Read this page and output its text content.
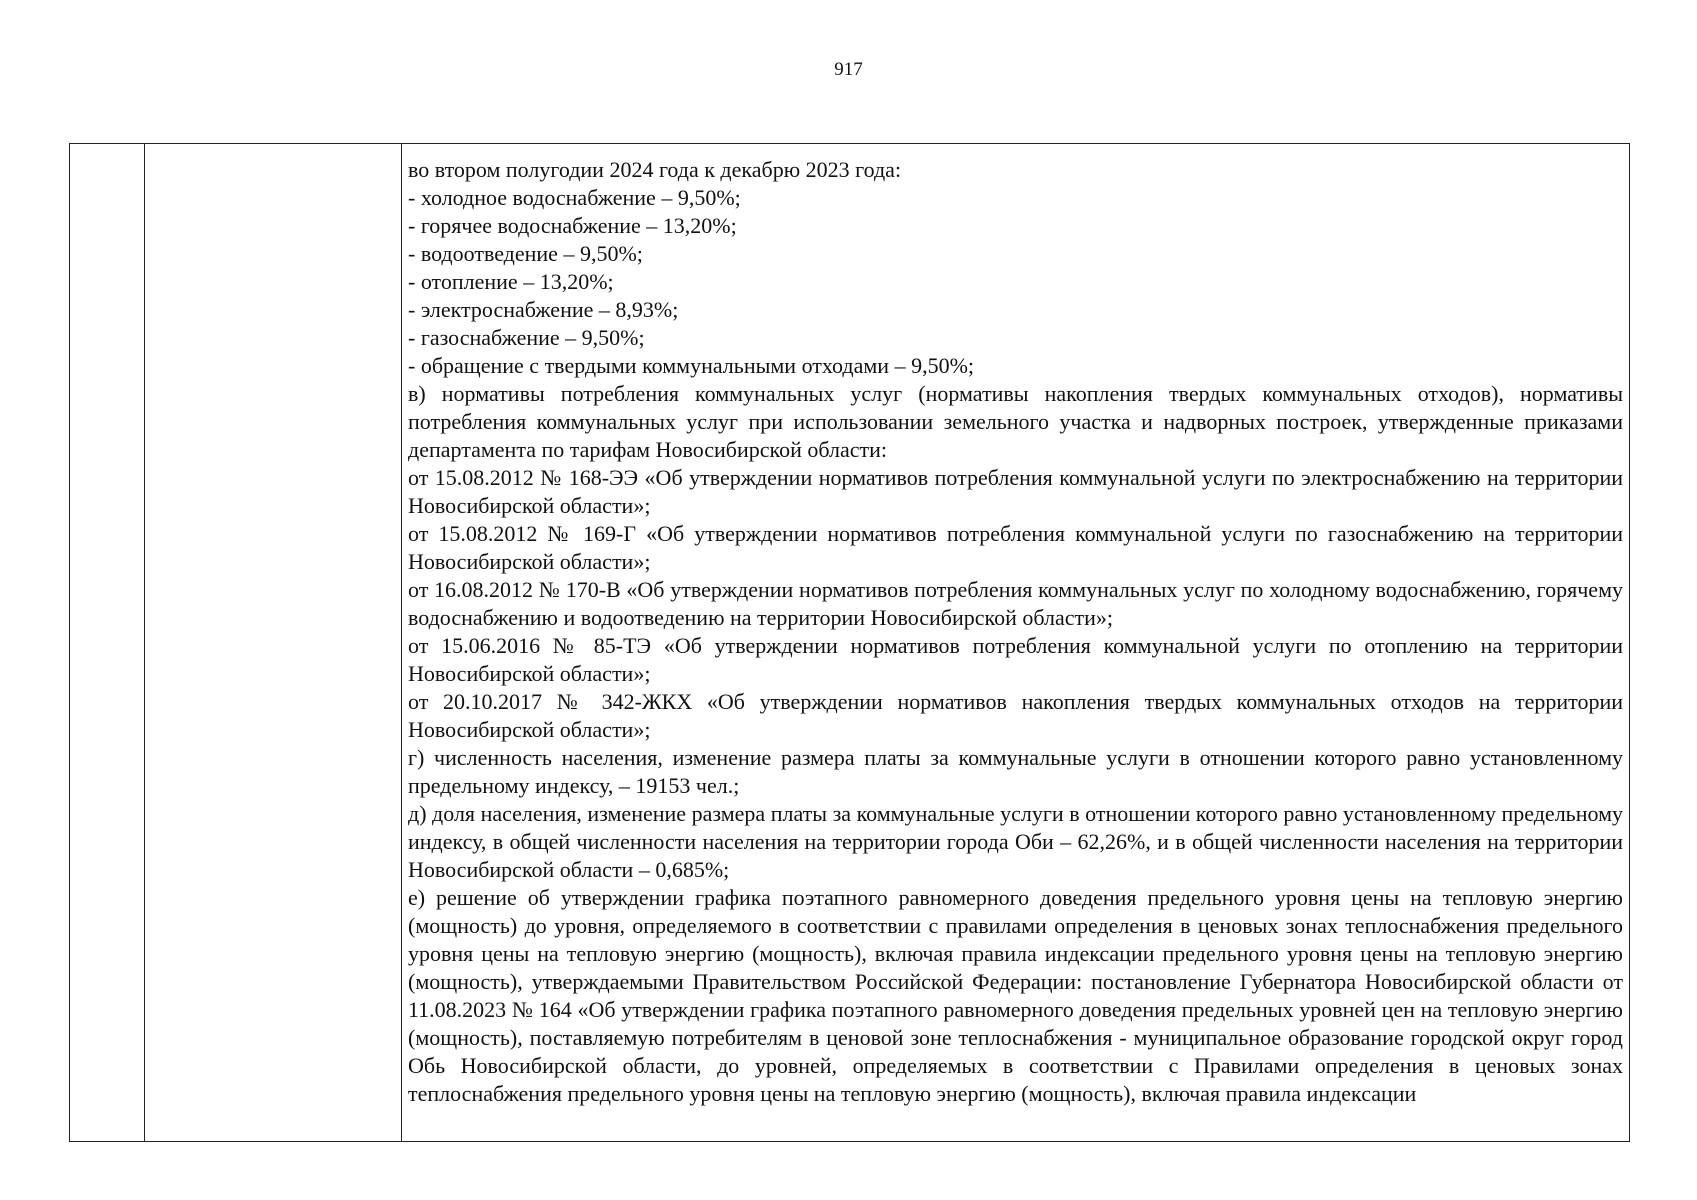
917

во втором полугодии 2024 года к декабрю 2023 года:

- холодное водоснабжение – 9,50%;

- горячее водоснабжение – 13,20%;

- водоотведение – 9,50%;

- отопление – 13,20%;

- электроснабжение – 8,93%;

- газоснабжение – 9,50%;

- обращение с твердыми коммунальными отходами – 9,50%;

в) нормативы потребления коммунальных услуг (нормативы накопления твердых коммунальных отходов), нормативы потребления коммунальных услуг при использовании земельного участка и надворных построек, утвержденные приказами департамента по тарифам Новосибирской области:

от 15.08.2012 № 168-ЭЭ «Об утверждении нормативов потребления коммунальной услуги по электроснабжению на территории Новосибирской области»;

от 15.08.2012 № 169-Г «Об утверждении нормативов потребления коммунальной услуги по газоснабжению на территории Новосибирской области»;

от 16.08.2012 № 170-В «Об утверждении нормативов потребления коммунальных услуг по холодному водоснабжению, горячему водоснабжению и водоотведению на территории Новосибирской области»;

от 15.06.2016 № 85-ТЭ «Об утверждении нормативов потребления коммунальной услуги по отоплению на территории Новосибирской области»;

от 20.10.2017 № 342-ЖКХ «Об утверждении нормативов накопления твердых коммунальных отходов на территории Новосибирской области»;

г) численность населения, изменение размера платы за коммунальные услуги в отношении которого равно установленному предельному индексу, – 19153 чел.;

д) доля населения, изменение размера платы за коммунальные услуги в отношении которого равно установленному предельному индексу, в общей численности населения на территории города Оби – 62,26%, и в общей численности населения на территории Новосибирской области – 0,685%;

е) решение об утверждении графика поэтапного равномерного доведения предельного уровня цены на тепловую энергию (мощность) до уровня, определяемого в соответствии с правилами определения в ценовых зонах теплоснабжения предельного уровня цены на тепловую энергию (мощность), включая правила индексации предельного уровня цены на тепловую энергию (мощность), утверждаемыми Правительством Российской Федерации: постановление Губернатора Новосибирской области от 11.08.2023 № 164 «Об утверждении графика поэтапного равномерного доведения предельных уровней цен на тепловую энергию (мощность), поставляемую потребителям в ценовой зоне теплоснабжения - муниципальное образование городской округ город Обь Новосибирской области, до уровней, определяемых в соответствии с Правилами определения в ценовых зонах теплоснабжения предельного уровня цены на тепловую энергию (мощность), включая правила индексации
